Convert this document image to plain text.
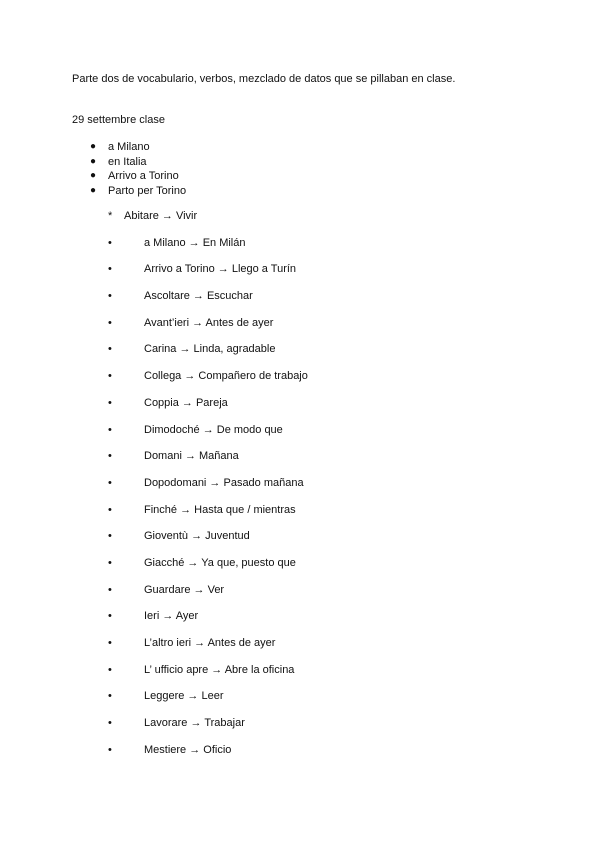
Parte dos de vocabulario, verbos, mezclado de datos que se pillaban en clase.
29 settembre clase
● a Milano
● en Italia
● Arrivo a Torino
● Parto per Torino
* Abitare → Vivir
•	a Milano → En Milán
•	Arrivo a Torino → Llego a Turín
•	Ascoltare → Escuchar
•	Avant’ieri → Antes de ayer
•	Carina → Linda, agradable
•	Collega → Compañero de trabajo
•	Coppia → Pareja
•	Dimodoché → De modo que
•	Domani → Mañana
•	Dopodomani → Pasado mañana
•	Finché → Hasta que / mientras
•	Gioventù → Juventud
•	Giacché → Ya que, puesto que
•	Guardare → Ver
•	Ieri → Ayer
•	L’altro ieri → Antes de ayer
•	L’ ufficio apre → Abre la oficina
•	Leggere → Leer
•	Lavorare → Trabajar
•	Mestiere → Oficio
